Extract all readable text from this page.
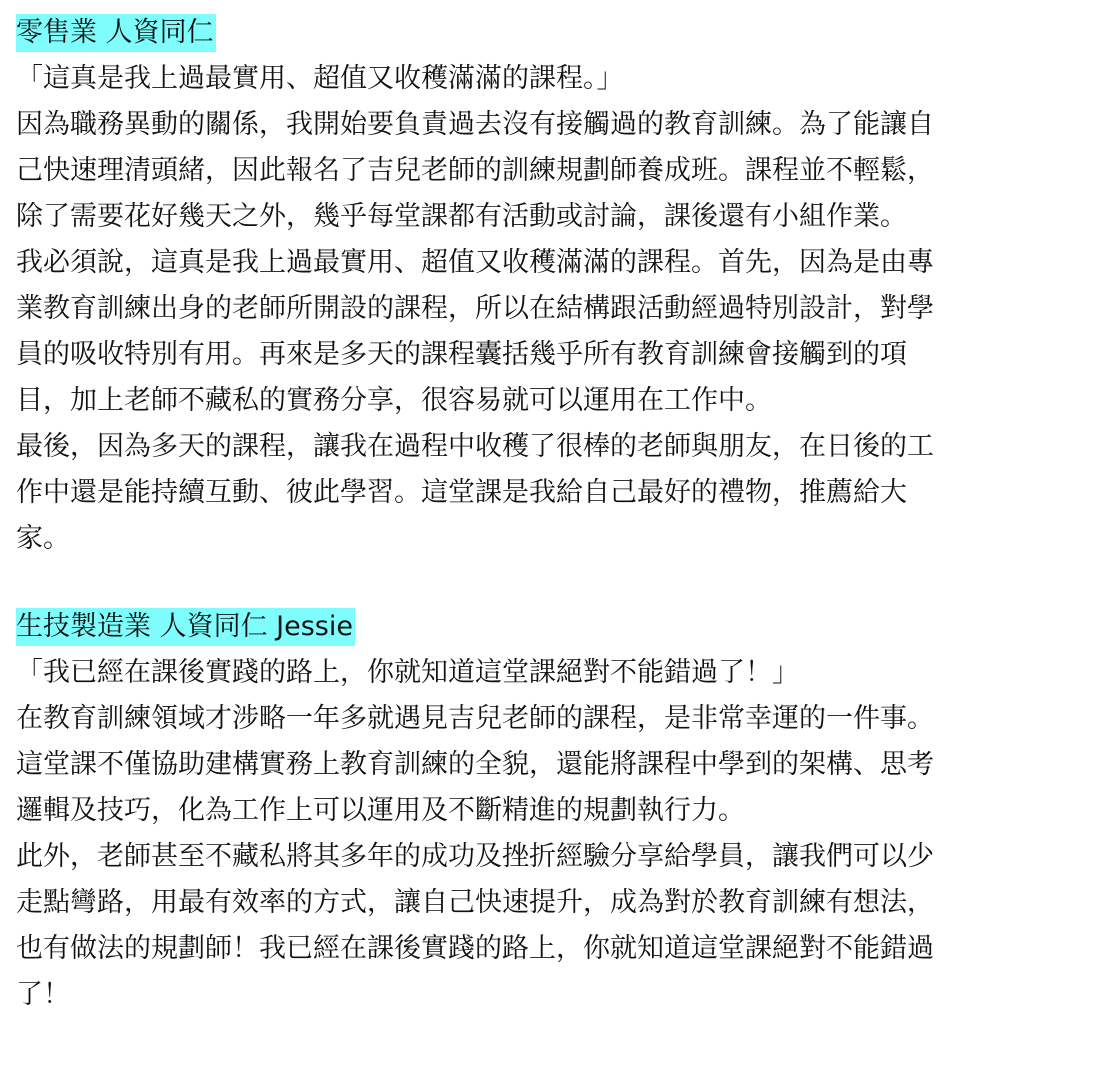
零售業 人資同仁
「這真是我上過最實用、超值又收穫滿滿的課程。」
因為職務異動的關係，我開始要負責過去沒有接觸過的教育訓練。為了能讓自
己快速理清頭緒，因此報名了吉兒老師的訓練規劃師養成班。課程並不輕鬆，
除了需要花好幾天之外，幾乎每堂課都有活動或討論，課後還有小組作業。
我必須說，這真是我上過最實用、超值又收穫滿滿的課程。首先，因為是由專
業教育訓練出身的老師所開設的課程，所以在結構跟活動經過特別設計，對學
員的吸收特別有用。再來是多天的課程囊括幾乎所有教育訓練會接觸到的項
目，加上老師不藏私的實務分享，很容易就可以運用在工作中。
最後，因為多天的課程，讓我在過程中收穫了很棒的老師與朋友，在日後的工
作中還是能持續互動、彼此學習。這堂課是我給自己最好的禮物，推薦給大
家。
生技製造業 人資同仁 Jessie
「我已經在課後實踐的路上，你就知道這堂課絕對不能錯過了！」
在教育訓練領域才涉略一年多就遇見吉兒老師的課程，是非常幸運的一件事。
這堂課不僅協助建構實務上教育訓練的全貌，還能將課程中學到的架構、思考
邏輯及技巧，化為工作上可以運用及不斷精進的規劃執行力。
此外，老師甚至不藏私將其多年的成功及挫折經驗分享給學員，讓我們可以少
走點彎路，用最有效率的方式，讓自己快速提升，成為對於教育訓練有想法，
也有做法的規劃師！我已經在課後實踐的路上，你就知道這堂課絕對不能錯過
了！
